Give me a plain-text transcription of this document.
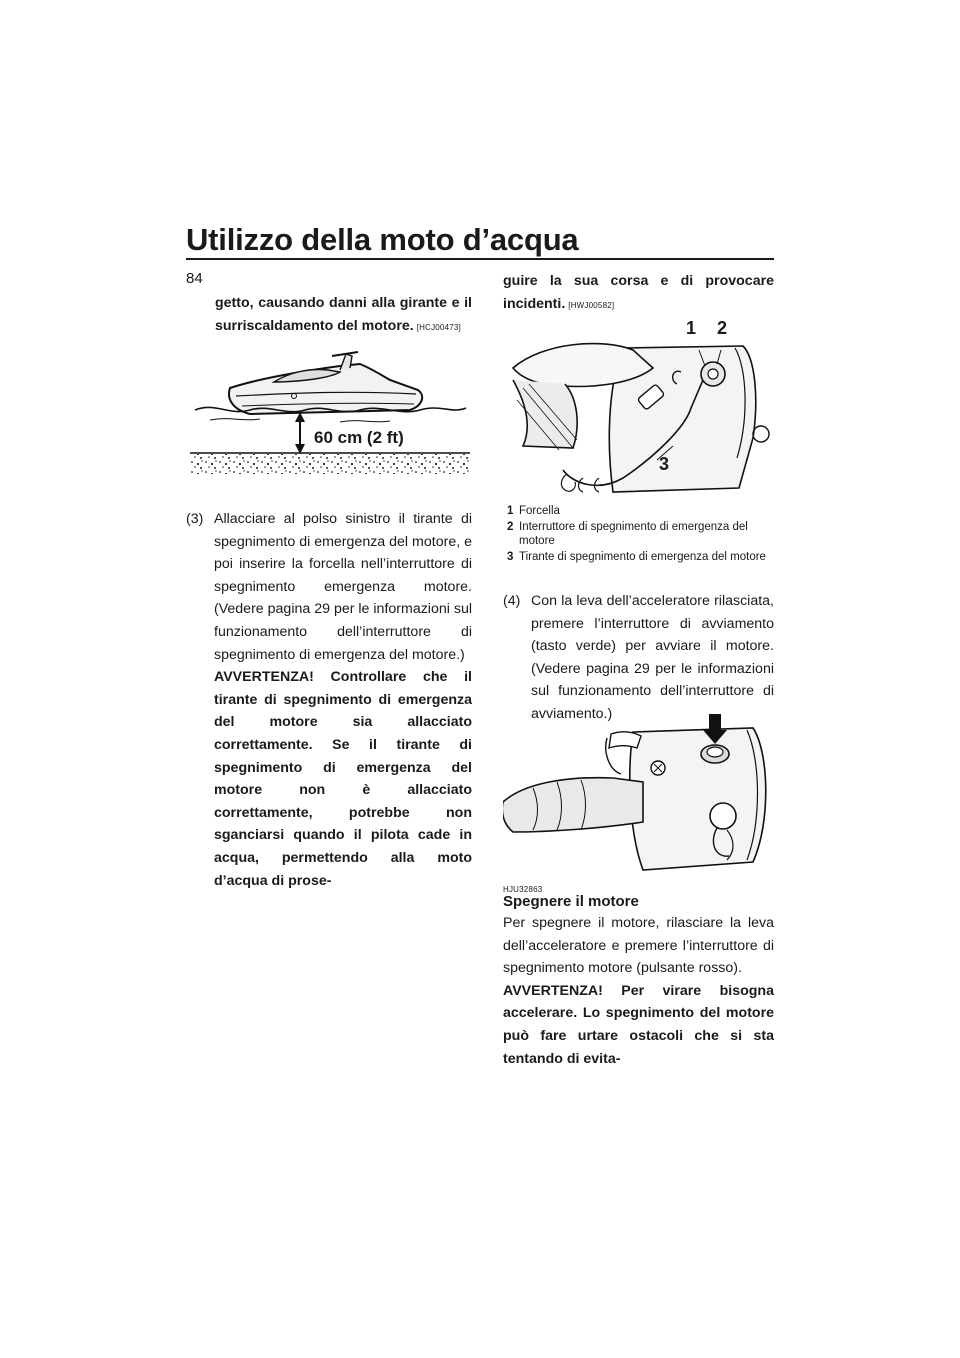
Utilizzo della moto d’acqua
84
getto, causando danni alla girante e il surriscaldamento del motore. [HCJ00473]
60 cm (2 ft)
(3) Allacciare al polso sinistro il tirante di spegnimento di emergenza del motore, e poi inserire la forcella nell’interruttore di spegnimento emergenza motore. (Vedere pagina 29 per le informazioni sul funzionamento dell’interruttore di spegnimento di emergenza del motore.)

AVVERTENZA! Controllare che il tirante di spegnimento di emergenza del motore sia allacciato correttamente. Se il tirante di spegnimento di emergenza del motore non è allacciato correttamente, potrebbe non sganciarsi quando il pilota cade in acqua, permettendo alla moto d’acqua di prose-

guire la sua corsa e di provocare incidenti. [HWJ00582]
1 2
3
1 Forcella
2 Interruttore di spegnimento di emergenza del motore
3 Tirante di spegnimento di emergenza del motore
(4) Con la leva dell’acceleratore rilasciata, premere l’interruttore di avviamento (tasto verde) per avviare il motore. (Vedere pagina 29 per le informazioni sul funzionamento dell’interruttore di avviamento.)

HJU32863
Spegnere il motore

Per spegnere il motore, rilasciare la leva dell’acceleratore e premere l’interruttore di spegnimento motore (pulsante rosso).

AVVERTENZA! Per virare bisogna accelerare. Lo spegnimento del motore può fare urtare ostacoli che si sta tentando di evita-
